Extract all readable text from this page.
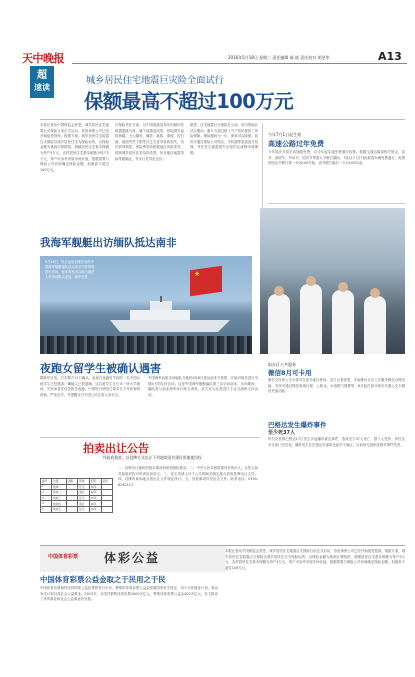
天中晚报
超
速读
2016年5月18日 星期三 责任编辑 郝 斌 责任校对 胡芝华	A13
城乡居民住宅地震巨灾险全面试行
保额最高不超过100万元
本报记者从中国保监会获悉，城乡居民住宅地震巨灾保险日前正式启动，首批承保公司已经开始接受投保。根据方案，城乡居民住宅地震巨灾保险以城乡居民住宅为保险标的，以保险金额为基础计算赔偿，城镇居民住宅基本保额为每户5万元，农村居民住宅基本保额为每户2万元，每户可参考房屋市场价值，根据需要与保险公司协商确定保险金额，但最高不超过100万元。
在保险责任方面，以中国地震局发布的破坏性地震震级为准，属于地震造成的，因地震引起的海啸、火山爆发、爆炸、地陷、滑坡、泥石流、地面突然下陷等次生灾害导致的损失，均可获得赔偿。保险费率将根据地区风险差异，按照城乡居民住宅结构类型、所在地区地震风险等级确定，并实行差异化定价。
据悉，住宅地震巨灾保险在云南、四川等地区试点期间，累计为超过数十万户居民提供了风险保障。保险期间为一年，保单可以续保。居民可通过保险公司网点、手机端等渠道进行投保，并在发生地震损失后按约定流程申请理赔。
今年7月1日起生效
高速公路过年免费
今年国庆节前后高速路免费，自今年起实施免费通行政策。根据交通运输部相关规定，春节、清明节、劳动节、国庆节等重大节假日期间，7座以下(含7座)载客车辆免费通行，免费时段从节假日第一天00:00开始，到节假日最后一天24:00结束。
我海军舰艇出访缅队抵达南非
★
5月16日，执行远航训练任务的中国海军舰艇编队抵达南非开普敦港进行访问。南非海军官兵和当地华人华侨到码头迎接。新华社发
夜跑女留学生被确认遇害
据新华社电，日本警方17日确认，此前在夜跑时失踪的一名中国女留学生已经遇害，嫌疑人已被逮捕。这名留学生在日本一所大学就读，失踪前曾在住处附近夜跑。中国驻日使馆已要求日方尽快查明真相，严惩凶手，并提醒在日中国公民注意人身安全。
中国海军远航访问编队当地时间16日抵达南非开普敦，开始对南非进行为期5天的友好访问。这是中国海军舰艇编队第三次访问南非。访问期间，编队将与南非海军举行联合训练，双方官兵还将进行专业交流和文体活动。
取社区公共服务
微信8月可卡用
微信支付和公交卡将可在更多地区使用。近日记者获悉，多地推出社区公共服务微信办理功能，市民可通过微信查询社保、公积金、水电燃气缴费等，8月起在部分城市开通公交卡微信充值功能。
巴格达发生爆炸事件
至少死37人
伊拉克首都巴格达17日发生多起爆炸袭击事件，造成至少37人死亡、数十人受伤。伊拉克安全部门官员说，爆炸发生在巴格达东部和北部多个地区。目前尚无组织宣称对事件负责。
拍卖出让公告
经政府批准，以挂牌方式出让下列地块国有建设用地使用权
编号	位置	面积	用途	年限	起价
1	地块一		住宅	70年	
2	地块二		商业	40年	
3	地块三		住宅	70年	
4	地块四		商业	40年	
5	地块五		住宅	70年	
一、挂牌出让地块的基本情况和规划指标要求。二、中华人民共和国境内外的法人、自然人和其他组织均可申请参加竞买。三、竞买申请人可于公告期间到指定地点获取挂牌出让文件。四、挂牌时间和地点按出让文件规定执行。五、其他事项详见出让文件。联系电话：0394-8262112
中国体育彩票 体彩公益
中国体育彩票公益金取之于民用之于民
中国体育彩票始终坚持国家公益彩票的发行宗旨，筹集的体育彩票公益金按照国家有关规定，用于全民健身计划、奥运争光计划以及社会公益事业。2015年，全国共销售体育彩票1600多亿元，筹集体育彩票公益金400多亿元，有力推动了体育事业和社会公益事业的发展。
本报记者从中国保监会获悉，城乡居民住宅地震巨灾保险日前正式启动，首批承保公司已经开始接受投保。根据方案，城乡居民住宅地震巨灾保险以城乡居民住宅为保险标的，以保险金额为基础计算赔偿，城镇居民住宅基本保额为每户5万元，农村居民住宅基本保额为每户2万元，每户可参考房屋市场价值，根据需要与保险公司协商确定保险金额，但最高不超过100万元。
